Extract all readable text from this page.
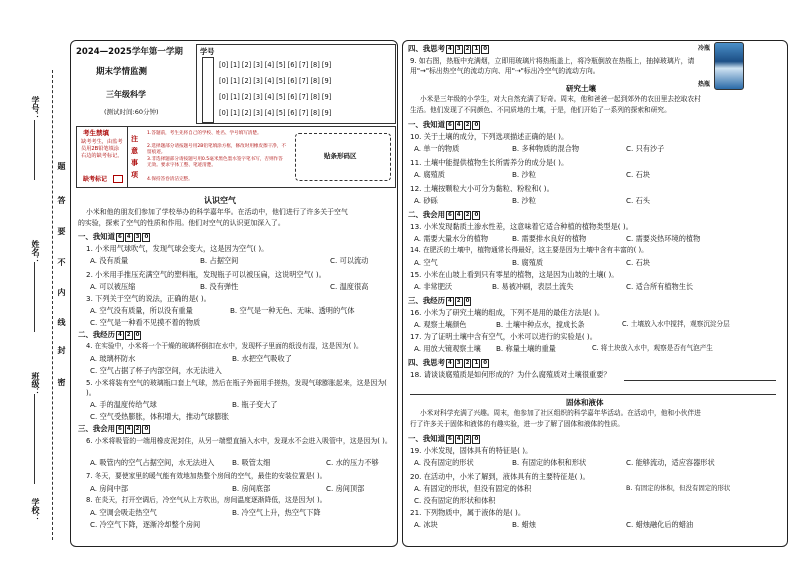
学号：
姓名：
班级：
学校：
题
答
要
不
内
线
封
密
2024—2025学年第一学期
期末学情监测
三年级科学
(测试时间:60分钟)
学号
[0] [1] [2] [3] [4] [5] [6] [7] [8] [9]
[0] [1] [2] [3] [4] [5] [6] [7] [8] [9]
[0] [1] [2] [3] [4] [5] [6] [7] [8] [9]
[0] [1] [2] [3] [4] [5] [6] [7] [8] [9]
考生禁填
缺考考生，由监考员用2B铅笔填涂右边的缺考标记。
缺考标记
注意事项
1.答题前，考生先将自己的学校、姓名、学号填写清楚。
2.选择题部分请按题号用2B铅笔填涂方框，修改时用橡皮擦干净，不留痕迹。
3.非选择题部分请按题号用0.5毫米黑色墨水签字笔书写，否则作答无效。要求字体工整、笔迹清楚。
4.保持答卷清洁完整。
贴条形码区
认识空气
小米和他的朋友们参加了学校举办的科学嘉年华。在活动中，他们进行了许多关于空气
的实验，探索了空气的性质和作用。他们对空气的认识更加深入了。
一、我知道 6 4 3 0
1. 小米用气球吹气，发现气球会变大，这是因为空气( )。
A. 没有质量	B. 占据空间	C. 可以流动
2. 小米用手推压充满空气的塑料瓶，发现瓶子可以被压扁，这说明空气( )。
A. 可以被压缩	B. 没有弹性	C. 温度很高
3. 下列关于空气的说法，正确的是( )。
A. 空气没有质量，所以没有重量	B. 空气是一种无色、无味、透明的气体
C. 空气是一种看不见摸不着的物质
二、我经历 4 2 0
4. 在实验中，小米将一个干燥的玻璃杯倒扣在水中，发现杯子里面的纸没有湿，这是因为( )。
A. 玻璃杯防水	B. 水把空气吸收了
C. 空气占据了杯子内部空间，水无法进入
5. 小米将装有空气的玻璃瓶口套上气球，然后在瓶子外面用手搓热，发现气球膨胀起来，这是因为( )。
A. 手的温度传给气球	B. 瓶子变大了
C. 空气受热膨胀，体积增大，推动气球膨胀
三、我会用 6 4 2 0
6. 小米将吸管的一端用橡皮泥封住，从另一端塑直插入水中，发现水不会进入吸管中，这是因为( )。
A. 吸管内的空气占据空间，水无法进入 B. 吸管太细	C. 水的压力不够
7. 冬天，要使家里的暖气能有效地加热整个房间的空气，最佳的安装位置是( )。
A. 房间中部	B. 房间底部	C. 房间顶部
8. 在炎天，打开空调后，冷空气从上方吹出，房间温度逐渐降低，这是因为( )。
A. 空调会吸走热空气	B. 冷空气上升，热空气下降
C. 冷空气下降，逐渐冷却整个房间
四、我思考 4 3 2 1 0
9. 如右图，热瓶中充满烟，立即用玻璃片将热瓶盖上，将冷瓶倒放在热瓶上，抽掉玻璃片，请用"→"标出热空气的流动方向、用"⇢"标出冷空气的流动方向。
冷瓶
热瓶
研究土壤
小米是三年级的小学生，对大自然充满了好奇。周末，他和爸爸一起到郊外的农田里去挖取农村
生活。他们发现了不同颜色、不同质地的土壤，于是，他们开始了一系列的探索和研究。
一、我知道 6 4 2 0
10. 关于土壤的成分，下列选项描述正确的是( )。
A. 单一的物质	B. 多种物质的混合物	C. 只有沙子
11. 土壤中能提供植物生长所需养分的成分是( )。
A. 腐殖质	B. 沙粒	C. 石块
12. 土壤按颗粒大小可分为黏粒、粉粒和( )。
A. 砂砾	B. 沙粒	C. 石头
二、我会用 6 4 2 0
13. 小米发现黏质土渗水性差，这意味着它适合种植的植物类型是( )。
A. 需要大量水分的植物	B. 需要排水良好的植物	C. 需要炎热环境的植物
14. 在肥沃的土壤中，植物通常长得最好，这主要是因为土壤中含有丰富的( )。
A. 空气	B. 腐殖质	C. 石块
15. 小米在山坡上看到只有零星的植物，这是因为山坡的土壤( )。
A. 非常肥沃	B. 易被冲刷，表层土流失	C. 适合所有植物生长
三、我经历 4 2 0
16. 小米为了研究土壤的组成，下列不是用的最佳方法是( )。
A. 观察土壤颜色	B. 土壤中种点水，搅成长条	C. 土壤放入水中搅拌，观察沉淀分层
17. 为了证明土壤中含有空气，小米可以进行的实验是( )。
A. 用放大镜观察土壤 B. 称量土壤的重量	C. 将土块放入水中，观察是否有气泡产生
四、我思考 4 3 2 1 0
18. 请谈谈腐殖质是如何形成的？为什么腐殖质对土壤很重要？
固体和液体
小米对科学充满了兴趣。周末，他参加了社区组织的科学嘉年华活动。在活动中，他和小伙伴进
行了许多关于固体和液体的有趣实验，进一步了解了固体和液体的性质。
一、我知道 6 4 2 0
19. 小米发现，固体具有的特征是( )。
A. 没有固定的形状	B. 有固定的体积和形状	C. 能够流动，适应容器形状
20. 在活动中，小米了解到，液体具有的主要特征是( )。
A. 有固定的形状，但没有固定的体积	B. 有固定的体积，但没有固定的形状
C. 没有固定的形状和体积
21. 下列物质中，属于液体的是( )。
A. 冰块	B. 蜡烛	C. 蜡烛融化后的蜡油
